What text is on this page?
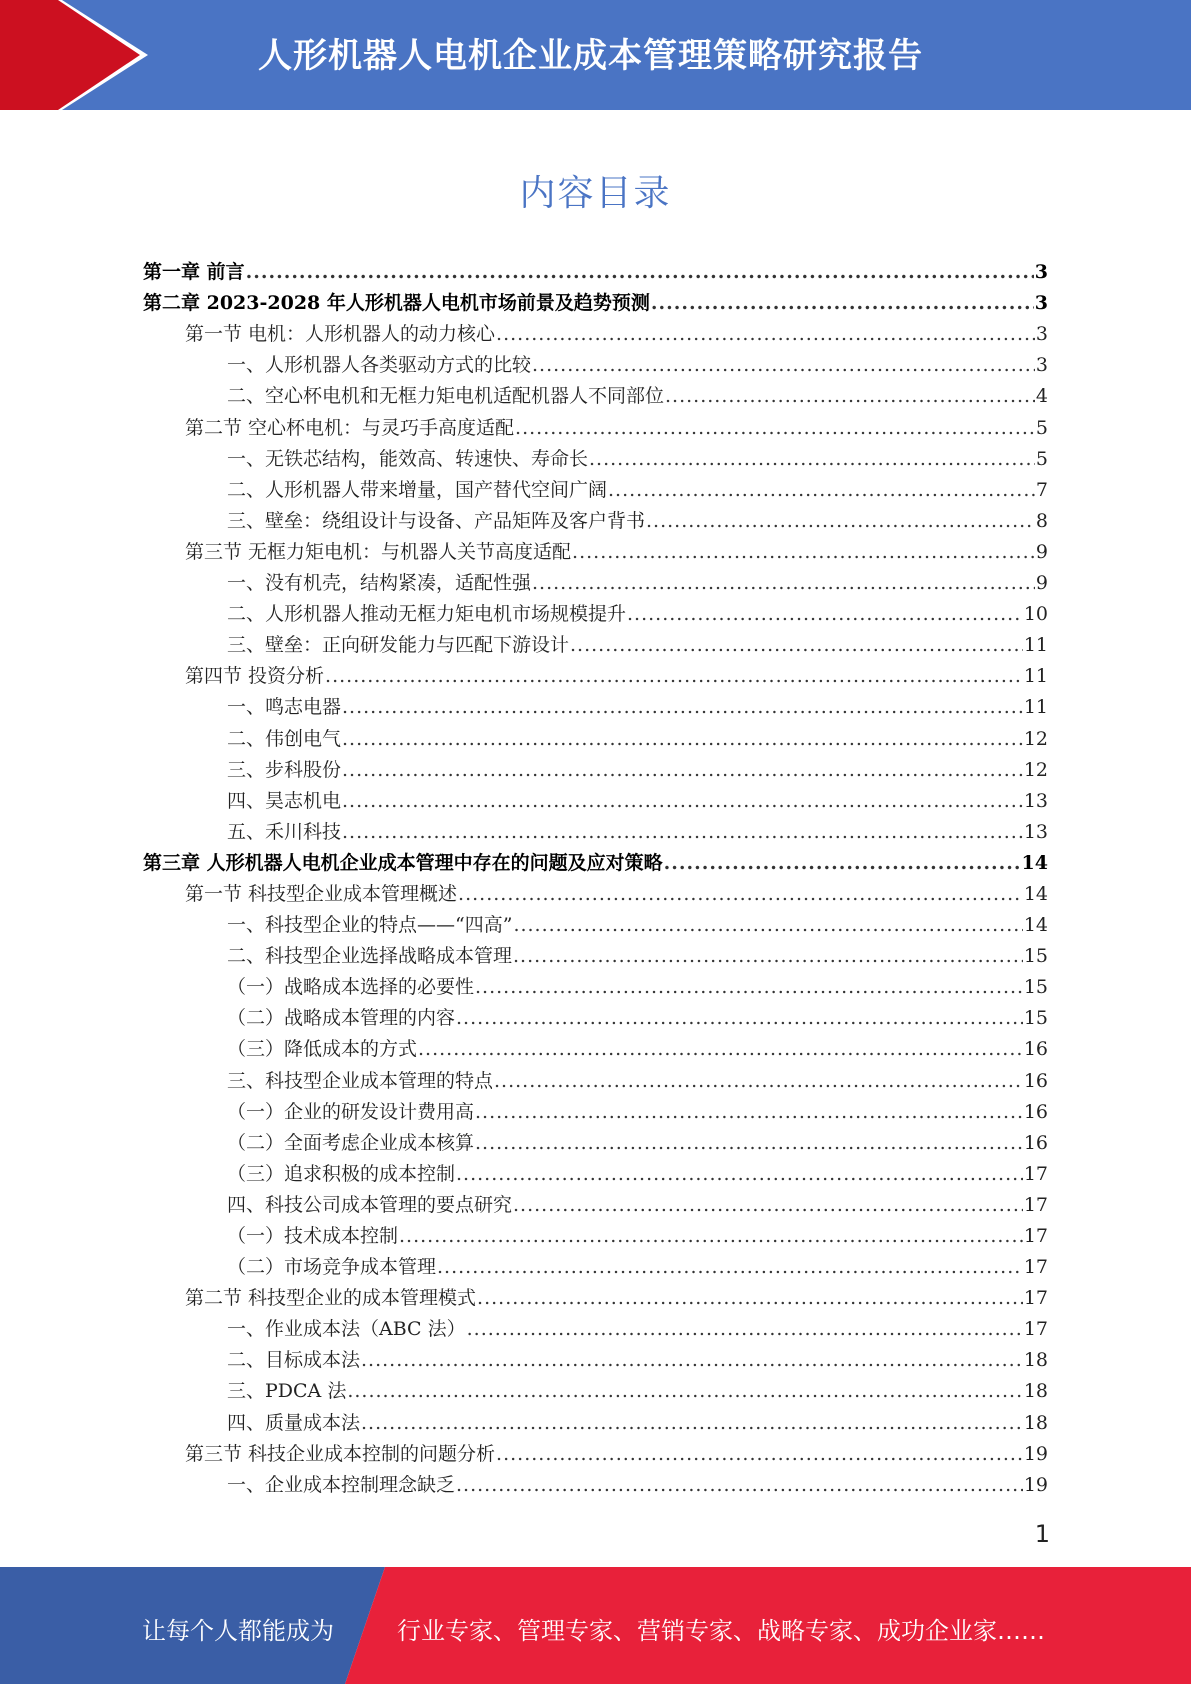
人形机器人电机企业成本管理策略研究报告
内容目录
第一章 前言 .....	3
第二章 2023-2028 年人形机器人电机市场前景及趋势预测 .....	3
第一节 电机：人形机器人的动力核心 .....	3
一、人形机器人各类驱动方式的比较 .....	3
二、空心杯电机和无框力矩电机适配机器人不同部位 .....	4
第二节 空心杯电机：与灵巧手高度适配 .....	5
一、无铁芯结构，能效高、转速快、寿命长 .....	5
二、人形机器人带来增量，国产替代空间广阔 .....	7
三、壁垒：绕组设计与设备、产品矩阵及客户背书 .....	8
第三节 无框力矩电机：与机器人关节高度适配 .....	9
一、没有机壳，结构紧凑，适配性强 .....	9
二、人形机器人推动无框力矩电机市场规模提升 .....	10
三、壁垒：正向研发能力与匹配下游设计 .....	11
第四节 投资分析 .....	11
一、鸣志电器 .....	11
二、伟创电气 .....	12
三、步科股份 .....	12
四、昊志机电 .....	13
五、禾川科技 .....	13
第三章 人形机器人电机企业成本管理中存在的问题及应对策略 .....	14
第一节 科技型企业成本管理概述 .....	14
一、科技型企业的特点——“四高” .....	14
二、科技型企业选择战略成本管理 .....	15
（一）战略成本选择的必要性 .....	15
（二）战略成本管理的内容 .....	15
（三）降低成本的方式 .....	16
三、科技型企业成本管理的特点 .....	16
（一）企业的研发设计费用高 .....	16
（二）全面考虑企业成本核算 .....	16
（三）追求积极的成本控制 .....	17
四、科技公司成本管理的要点研究 .....	17
（一）技术成本控制 .....	17
（二）市场竞争成本管理 .....	17
第二节 科技型企业的成本管理模式 .....	17
一、作业成本法（ABC 法） .....	17
二、目标成本法 .....	18
三、PDCA 法 .....	18
四、质量成本法 .....	18
第三节 科技企业成本控制的问题分析 .....	19
一、企业成本控制理念缺乏 .....	19
1
让每个人都能成为	行业专家、管理专家、营销专家、战略专家、成功企业家……
